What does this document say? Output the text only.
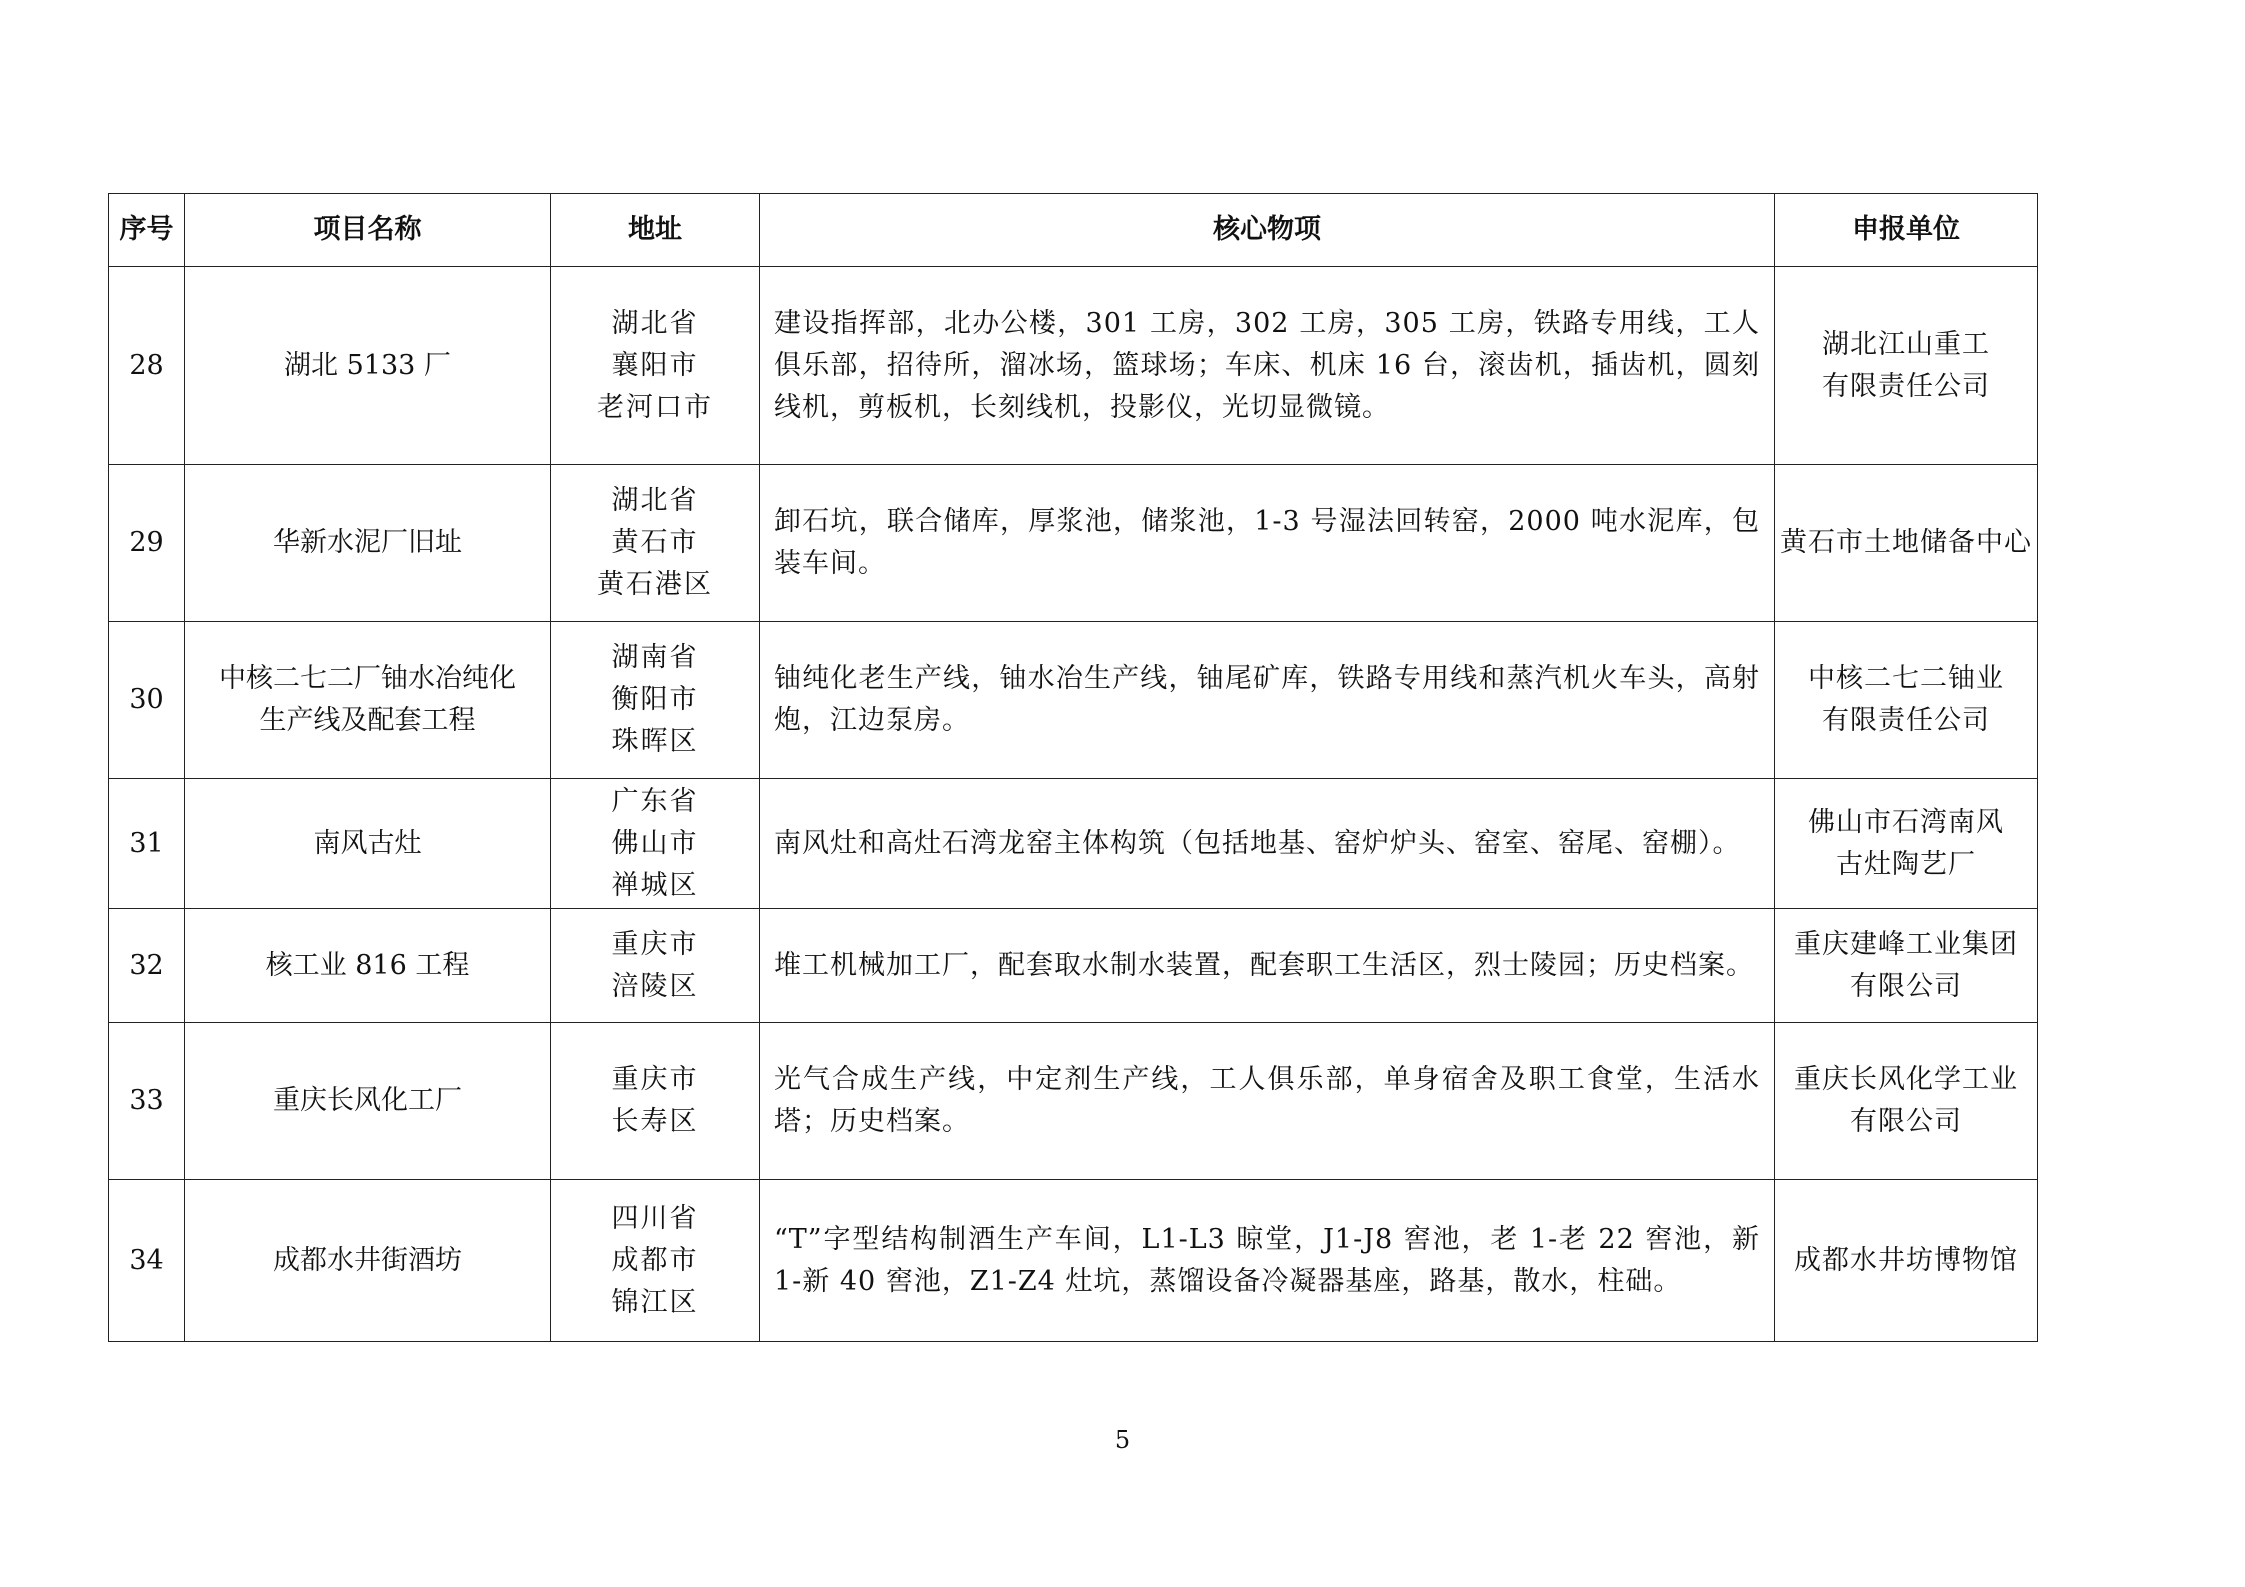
序号	项目名称	地址	核心物项	申报单位
28	湖北 5133 厂	湖北省
襄阳市
老河口市	建设指挥部，北办公楼，301 工房，302 工房，305 工房，铁路专用线，工人俱乐部，招待所，溜冰场，篮球场；车床、机床 16 台，滚齿机，插齿机，圆刻线机，剪板机，长刻线机，投影仪，光切显微镜。	湖北江山重工
有限责任公司

29	华新水泥厂旧址	湖北省
黄石市
黄石港区	卸石坑，联合储库，厚浆池，储浆池，1-3 号湿法回转窑，2000 吨水泥库，包装车间。	黄石市土地储备中心

30	中核二七二厂铀水冶纯化
生产线及配套工程	湖南省
衡阳市
珠晖区	铀纯化老生产线，铀水冶生产线，铀尾矿库，铁路专用线和蒸汽机火车头，高射炮，江边泵房。	中核二七二铀业
有限责任公司

31	南风古灶	广东省
佛山市
禅城区	南风灶和高灶石湾龙窑主体构筑（包括地基、窑炉炉头、窑室、窑尾、窑棚）。	佛山市石湾南风
古灶陶艺厂

32	核工业 816 工程	重庆市
涪陵区	堆工机械加工厂，配套取水制水装置，配套职工生活区，烈士陵园；历史档案。	重庆建峰工业集团
有限公司

33	重庆长风化工厂	重庆市
长寿区	光气合成生产线，中定剂生产线，工人俱乐部，单身宿舍及职工食堂，生活水塔；历史档案。	重庆长风化学工业
有限公司

34	成都水井街酒坊	四川省
成都市
锦江区	“T”字型结构制酒生产车间，L1-L3 晾堂，J1-J8 窖池，老 1-老 22 窖池，新 1-新 40 窖池，Z1-Z4 灶坑，蒸馏设备冷凝器基座，路基，散水，柱础。	成都水井坊博物馆
5
